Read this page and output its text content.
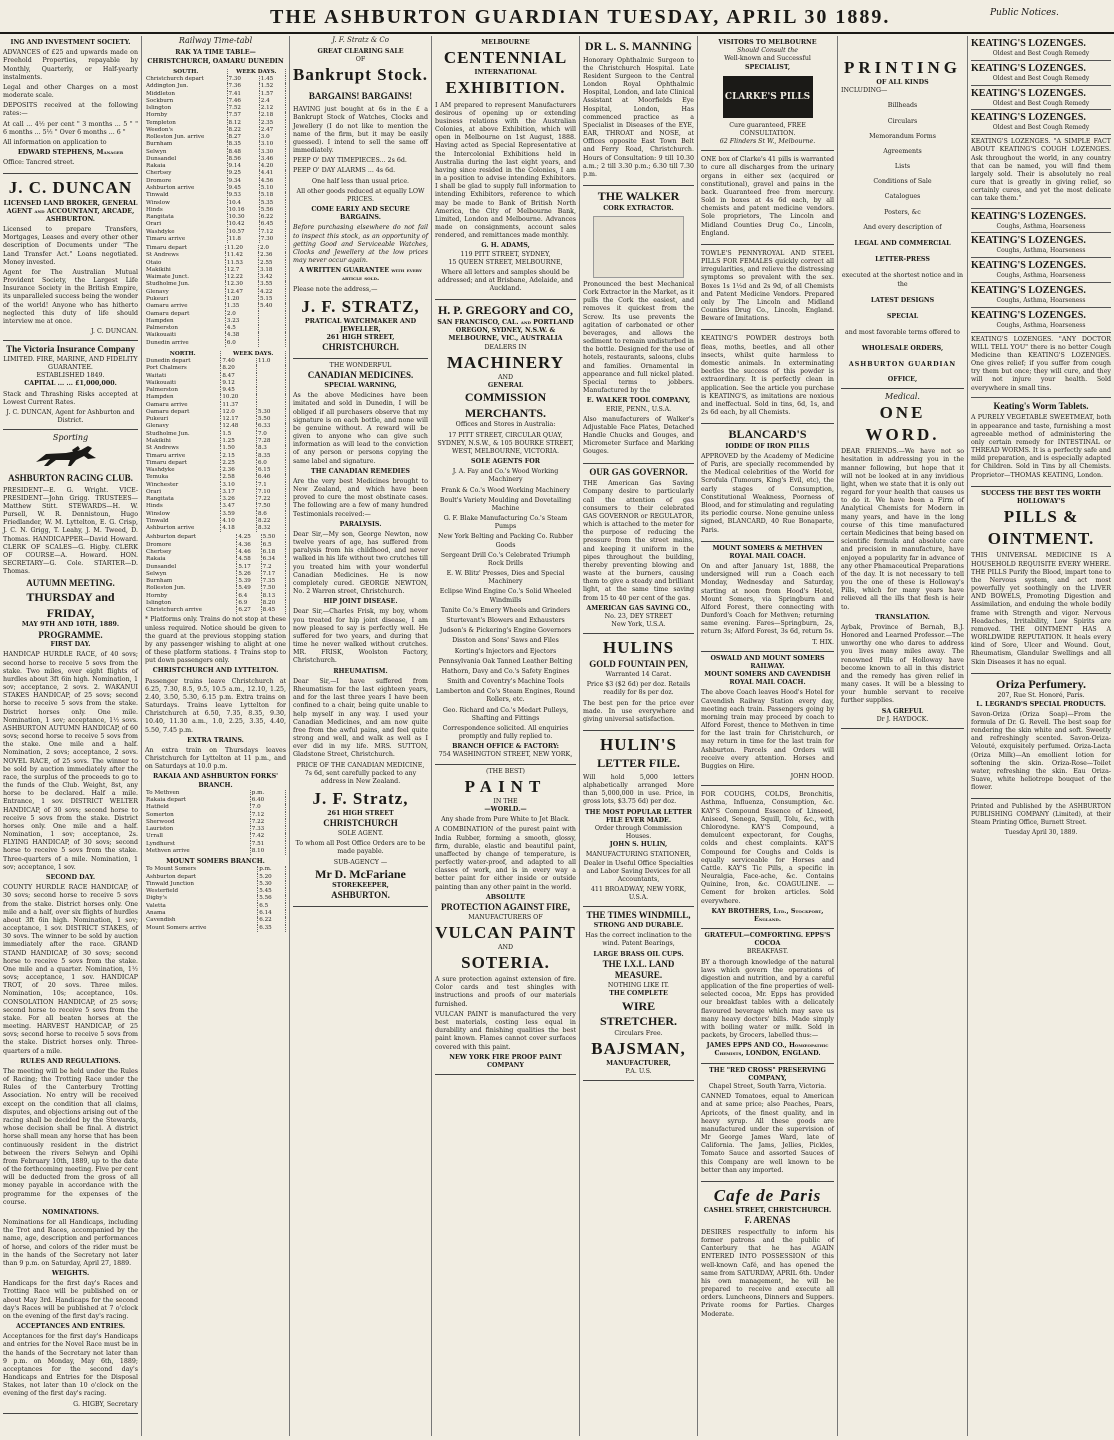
THE ASHBURTON GUARDIAN TUESDAY, APRIL 30 1889.	Public Notices.
ING AND INVESTMENT SOCIETY.

ADVANCES of £25 and upwards made on Freehold Properties, repayable by Monthly, Quarterly, or Half-yearly instalments.

Legal and other Charges on a most moderate scale.

DEPOSITS received at the following rates:—

At call ... 4½ per cent " 3 months ... 5 " " 6 months ... 5½ " Over 6 months ... 6 "

All information on application to

EDWARD STEPHENS, Manager

Office: Tancred street.

J. C. DUNCAN
LICENSED LAND BROKER, GENERAL AGENT and ACCOUNTANT, ARCADE, ASHBURTON.

Licensed to prepare Transfers, Mortgages, Leases and every other other description of Documents under "The Land Transfer Act." Loans negotiated. Money invested.

Agent for The Australian Mutual Provident Society, the Largest Life Insurance Society in the British Empire, its unparalleled success being the wonder of the world! Anyone who has hitherto neglected this duty of life should interview me at once.

J. C. DUNCAN.
The Victoria Insurance Company
LIMITED. FIRE, MARINE, AND FIDELITY GUARANTEE.
ESTABLISHED 1849.
CAPITAL ... ... £1,000,000.

Stack and Thrashing Risks accepted at Lowest Current Rates.

J. C. DUNCAN, Agent for Ashburton and District.
Sporting
ASHBURTON RACING CLUB.

PRESIDENT—E. G. Wright. VICE-PRESIDENT—John Grigg. TRUSTEES—Matthew Stitt. STEWARDS—H. W. Pursell, W. R. Dennistoun, Hugo Friedlander, W. M. Lyttelton, E. G. Crisp, J. C. N. Grigg, T. Leahy, J. M. Tweed, D. Thomas. HANDICAPPER—David Howard. CLERK OF SCALES—G. Higby. CLERK OF COURSE—A. Howard. HON. SECRETARY—G. Cole. STARTER—D. Thomas.

AUTUMN MEETING.
THURSDAY and FRIDAY,
MAY 9TH AND 10TH, 1889.
PROGRAMME.
FIRST DAY.

HANDICAP HURDLE RACE, of 40 sovs; second horse to receive 5 sovs from the stake. Two miles, over eight flights of hurdles about 3ft 6in high. Nomination, 1 sov; acceptance, 2 sovs. 2. WAKANUI STAKES HANDICAP, of 25 sovs; second horse to receive 5 sovs from the stake. District horses only. One mile. Nomination, 1 sov; acceptance, 1½ sovs. ASHBURTON AUTUMN HANDICAP, of 60 sovs; second horse to receive 5 sovs from the stake. One mile and a half. Nomination, 2 sovs; acceptance, 2 sovs. NOVEL RACE, of 25 sovs. The winner to be sold by auction immediately after the race, the surplus of the proceeds to go to the funds of the Club. Weight, 8st, any horse to be declared. Half a mile. Entrance, 1 sov. DISTRICT WELTER HANDICAP, of 30 sovs; second horse to receive 5 sovs from the stake. District horses only. One mile and a half. Nomination, 1 sov; acceptance, 2s. FLYING HANDICAP, of 30 sovs; second horse to receive 5 sovs from the stake. Three-quarters of a mile. Nomination, 1 sov; acceptance, 1 sov.

SECOND DAY.

COUNTY HURDLE RACE HANDICAP, of 30 sovs; second horse to receive 5 sovs from the stake. District horses only. One mile and a half, over six flights of hurdles about 3ft 6in high. Nomination, 1 sov; acceptance, 1 sov. DISTRICT STAKES, of 30 sovs. The winner to be sold by auction immediately after the race. GRAND STAND HANDICAP, of 30 sovs; second horse to receive 5 sovs from the stake. One mile and a quarter. Nomination, 1½ sovs; acceptance, 1 sov. HANDICAP TROT, of 20 sovs. Three miles. Nomination, 10s; acceptance, 10s. CONSOLATION HANDICAP, of 25 sovs; second horse to receive 5 sovs from the stake. For all beaten horses at the meeting. HARVEST HANDICAP, of 25 sovs; second horse to receive 5 sovs from the stake. District horses only. Three-quarters of a mile.

RULES AND REGULATIONS.

The meeting will be held under the Rules of Racing; the Trotting Race under the Rules of the Canterbury Trotting Association. No entry will be received except on the condition that all claims, disputes, and objections arising out of the racing shall be decided by the Stewards, whose decision shall be final. A district horse shall mean any horse that has been continuously resident in the district between the rivers Selwyn and Opihi from February 10th, 1889, up to the date of the forthcoming meeting. Five per cent will be deducted from the gross of all money payable in accordance with the programme for the expenses of the course.

NOMINATIONS.

Nominations for all Handicaps, including the Trot and Races, accompanied by the name, age, description and performances of horse, and colors of the rider must be in the hands of the Secretary not later than 9 p.m. on Saturday, April 27, 1889.

WEIGHTS.

Handicaps for the first day's Races and Trotting Race will be published on or about May 3rd. Handicaps for the second day's Races will be published at 7 o'clock on the evening of the first day's racing.

ACCEPTANCES AND ENTRIES.

Acceptances for the first day's Handicaps and entries for the Novel Race must be in the hands of the Secretary not later than 9 p.m. on Monday, May 6th, 1889; acceptances for the second day's Handicaps and Entries for the Disposal Stakes, not later than 10 o'clock on the evening of the first day's racing.

G. HIGBY, Secretary
Railway Time-tabl
RAK YA TIME TABLE—CHRISTCHURCH, OAMARU DUNEDIN
SOUTH.	WEEK DAYS.	
Christchurch depart	7.30	1.45
Addington Jun.	7.36	1.52
Middleton	7.41	1.57
Sockburn	7.46	2.4
Islington	7.52	2.12
Hornby	7.57	2.18
Templeton	8.12	2.35
Weedon's	8.22	2.47
Rolleston Jun. arrive	8.27	3.0
Burnham	8.35	3.10
Selwyn	8.48	3.30
Dunsandel	8.56	3.46
Rakaia	9.14	4.20
Chertsey	9.25	4.41
Dromore	9.34	4.56
Ashburton arrive	9.45	5.10
Tinwald	9.53	5.18
Winslow	10.4	5.35
Hinds	10.16	5.56
Rangitata	10.30	6.22
Orari	10.42	6.45
Washdyke	10.57	7.12
Timaru arrive	11.8	7.30
Timaru depart	11.20	2.0
St Andrews	11.42	2.36
Otaio	11.53	2.55
Makikihi	12.7	3.18
Waimate Junct.	12.22	3.42
Studholme Jun.	12.30	3.55
Glenavy	12.47	4.22
Pukeuri	1.20	5.15
Oamaru arrive	1.35	5.40
Oamaru depart	2.0	
Hampden	3.23	
Palmerston	4.5	
Waikouaiti	4.38	
Dunedin arrive	6.0	
NORTH.	WEEK DAYS.	
Dunedin depart	7.40	11.0
Port Chalmers	8.20	
Waitati	8.47	
Waikouaiti	9.12	
Palmerston	9.45	
Hampden	10.20	
Oamaru arrive	11.37	
Oamaru depart	12.0	5.30
Pukeuri	12.17	5.50
Glenavy	12.48	6.33
Studholme Jun.	1.5	7.0
Makikihi	1.25	7.28
St Andrews	1.50	8.3
Timaru arrive	2.15	8.35
Timaru depart	2.25	6.0
Washdyke	2.36	6.15
Temuka	2.58	6.46
Winchester	3.10	7.1
Orari	3.17	7.10
Rangitata	3.26	7.22
Hinds	3.47	7.50
Winslow	3.59	8.6
Tinwald	4.10	8.22
Ashburton arrive	4.18	8.32
Ashburton depart	4.25	5.50
Dromore	4.36	6.5
Chertsey	4.46	6.18
Rakaia	4.58	6.34
Dunsandel	5.17	7.2
Selwyn	5.26	7.17
Burnham	5.39	7.35
Rolleston Jun.	5.49	7.50
Hornby	6.4	8.13
Islington	6.9	8.20
Christchurch arrive	6.27	8.45

* Platforms only. Trains do not stop at these unless required. Notice should be given to the guard at the previous stopping station by any passenger wishing to alight at one of these platform stations. ‡ Trains stop to put down passengers only.

CHRISTCHURCH AND LYTTELTON.

Passenger trains leave Christchurch at 6.25, 7.30, 8.5, 9.5, 10.5 a.m., 12.10, 1.25, 2.40, 3.50, 5.30, 6.15 p.m. Extra trains on Saturdays. Trains leave Lyttelton for Christchurch at 6.50, 7.35, 8.35, 9.30, 10.40, 11.30 a.m., 1.0, 2.25, 3.35, 4.40, 5.50, 7.45 p.m.

EXTRA TRAINS.

An extra train on Thursdays leaves Christchurch for Lyttelton at 11 p.m., and on Saturdays at 10.0 p.m.

RAKAIA AND ASHBURTON FORKS' BRANCH.
To Methven	p.m.
Rakaia depart	6.40
Hatfield	7.0
Somerton	7.12
Sherwood	7.22
Lauriston	7.33
Urrall	7.42
Lyndhurst	7.51
Methven arrive	8.10
MOUNT SOMERS BRANCH.
To Mount Somers	p.m.
Ashburton depart	5.20
Tinwald Junction	5.30
Westerfield	5.45
Digby's	5.56
Valetta	6.5
Anama	6.14
Cavendish	6.22
Mount Somers arrive	6.35
J. F. Stratz & Co
GREAT CLEARING SALE
OF
Bankrupt Stock.
BARGAINS! BARGAINS!

HAVING just bought at 6s in the £ a Bankrupt Stock of Watches, Clocks and Jewellery (I do not like to mention the name of the firm, but it may be easily guessed). I intend to sell the same off immediately.

PEEP O' DAY TIMEPIECES... 2s 6d.

PEEP O' DAY ALARMS ... 4s 6d.

One half less than usual price.

All other goods reduced at equally LOW PRICES.

COME EARLY AND SECURE BARGAINS.

Before purchasing elsewhere do not fail to inspect this stock, as an opportunity of getting Good and Serviceable Watches, Clocks and Jewellery at the low prices may never occur again.

A WRITTEN GUARANTEE with every article sold.

Please note the address,—

J. F. STRATZ,
PRATICAL WATCHMAKER AND JEWELLER,
261 HIGH STREET,
CHRISTCHURCH.
THE WONDERFUL
CANADIAN MEDICINES.
SPECIAL WARNING,

As the above Medicines have been imitated and sold in Dunedin, I will be obliged if all purchasers observe that my signature is on each bottle, and none will be genuine without. A reward will be given to anyone who can give such information as will lead to the conviction of any person or persons copying the same label and signature.

THE CANADIAN REMEDIES

Are the very best Medicines brought to New Zealand, and which have been proved to cure the most obstinate cases. The following are a few of many hundred Testimonials received:—

PARALYSIS.

Dear Sir,—My son, George Newton, now twelve years of age, has suffered from paralysis from his childhood, and never walked in his life without two crutches till you treated him with your wonderful Canadian Medicines. He is now completely cured. GEORGE NEWTON, No. 2 Warren street, Christchurch.

HIP JOINT DISEASE.

Dear Sir,—Charles Frisk, my boy, whom you treated for hip joint disease, I am now pleased to say is perfectly well. He suffered for two years, and during that time he never walked without crutches. MR. FRISK, Woolston Factory, Christchurch.

RHEUMATISM.

Dear Sir,—I have suffered from Rheumatism for the last eighteen years, and for the last three years I have been confined to a chair, being quite unable to help myself in any way. I used your Canadian Medicines, and am now quite free from the awful pains, and feel quite strong and well, and walk as well as I ever did in my life. MRS. SUTTON, Gladstone Street, Christchurch.

PRICE OF THE CANADIAN MEDICINE, 7s 6d, sent carefully packed to any address in New Zealand.

J. F. Stratz,
261 HIGH STREET
CHRISTCHURCH
SOLE AGENT.

To whom all Post Office Orders are to be made payable.

SUB-AGENCY —
Mr D. McFariane
STOREKEEPER,
ASHBURTON.
MELBOURNE
CENTENNIAL
INTERNATIONAL
EXHIBITION.

I AM prepared to represent Manufacturers desirous of opening up or extending business relations with the Australian Colonies, at above Exhibition, which will open in Melbourne on 1st August, 1888. Having acted as Special Representative at the Intercolonial Exhibitions held in Australia during the last eight years, and having since resided in the Colonies, I am in a position to advise intending Exhibitors. I shall be glad to supply full information to intending Exhibitors, reference to which may be made to Bank of British North America, the City of Melbourne Bank, Limited, London and Melbourne. Advances made on consignments, account sales rendered, and remittances made monthly.

G. H. ADAMS,
119 PITT STREET, SYDNEY,
15 QUEEN STREET, MELBOURNE,

Where all letters and samples should be addressed; and at Brisbane, Adelaide, and Auckland.

H. P. GREGORY and CO,
SAN FRANCISCO, CAL. and PORTLAND OREGON, SYDNEY, N.S.W. & MELBOURNE, VIC., AUSTRALIA
DEALERS IN
MACHINERY
AND
GENERAL
COMMISSION MERCHANTS.
Offices and Stores in Australia:

17 PITT STREET, CIRCULAR QUAY, SYDNEY, N.S.W., & 105 BOURKE STREET, WEST, MELBOURNE, VICTORIA.

SOLE AGENTS FOR

J. A. Fay and Co.'s Wood Working Machinery

Frank & Co.'s Wood Working Machinery

Boult's Variety Moulding and Dovetailing Machine

G. F. Blake Manufacturing Co.'s Steam Pumps

New York Belting and Packing Co. Rubber Goods

Sergeant Drill Co.'s Celebrated Triumph Rock Drills

E. W. Blitz' Presses, Dies and Special Machinery

Eclipse Wind Engine Co.'s Solid Wheeled Windmills

Tanite Co.'s Emery Wheels and Grinders

Sturtevant's Blowers and Exhausters

Judson's & Pickering's Engine Governors

Disston and Sons' Saws and Files

Korting's Injectors and Ejectors

Pennsylvania Oak Tanned Leather Belting

Hathorn, Davy and Co.'s Safety Engines

Smith and Coventry's Machine Tools

Lamberton and Co's Steam Engines, Round Rollers, etc.

Geo. Richard and Co.'s Medart Pulleys, Shafting and Fittings

Correspondence solicited. All enquiries promptly and fully replied to.

BRANCH OFFICE & FACTORY:
754 WASHINGTON STREET, NEW YORK,
(THE BEST)
PAINT
IN THE
—WORLD.—

Any shade from Pure White to Jet Black.

A COMBINATION of the purest paint with India Rubber, forming a smooth, glossy, firm, durable, elastic and beautiful paint, unaffected by change of temperature, is perfectly water-proof, and adapted to all classes of work, and is in every way a better paint for either inside or outside painting than any other paint in the world.

ABSOLUTE
PROTECTION AGAINST FIRE,
MANUFACTURERS OF
VULCAN PAINT
AND
SOTERIA.

A sure protection against extension of fire. Color cards and test shingles with instructions and proofs of our materials furnished.

VULCAN PAINT is manufactured the very best materials, costing less equal in durability and finishing qualities the best paint known. Flames cannot cover surfaces covered with this paint.

NEW YORK FIRE PROOF PAINT COMPANY
DR L. S. MANNING

Honorary Ophthalmic Surgeon to the Christchurch Hospital. Late Resident Surgeon to the Central London Royal Ophthalmic Hospital, London, and late Clinical Assistant at Moorfields Eye Hospital, London, Has commenced practice as a Specialist in Diseases of the EYE, EAR, THROAT and NOSE, at Offices opposite East Town Belt and Ferry Road, Christchurch. Hours of Consultation: 9 till 10.30 a.m.; 2 till 3.30 p.m.; 6.30 till 7.30 p.m.

THE WALKER
CORK EXTRACTOR.

Pronounced the best Mechanical Cork Extractor in the Market, as it pulls the Cork the easiest, and removes it quickest from the Screw. Its use prevents the agitation of carbonated or other beverages, and allows the sediment to remain undisturbed in the bottle. Designed for the use of hotels, restaurants, saloons, clubs and families. Ornamental in appearance and full nickel plated. Special terms to jobbers. Manufactured by the

E. WALKER TOOL COMPANY,
ERIE, PENN., U.S.A.

Also manufacturers of Walker's Adjustable Face Plates, Detached Handle Chucks and Gouges, and Micrometer Surface and Marking Gouges.

OUR GAS GOVERNOR.

THE American Gas Saving Company desire to particularly call the attention of gas consumers to their celebrated GAS GOVERNOR or REGULATOR, which is attached to the meter for the purpose of reducing the pressure from the street mains, and keeping it uniform in the pipes throughout the building, thereby preventing blowing and waste at the burners, causing them to give a steady and brilliant light, at the same time saving from 15 to 40 per cent of the gas.

AMERICAN GAS SAVING CO.,
No. 23, DEY STREET
New York, U.S.A.
HULINS
GOLD FOUNTAIN PEN,
Warranted 14 Carat.

Price $3 ($2 6d) per doz. Retails readily for 8s per doz.

The best pen for the price ever made. In use everywhere and giving universal satisfaction.

HULIN'S
LETTER FILE.

Will hold 5,000 letters alphabetically arranged More than 5,000,000 in use. Price, in gross lots, $3.75 6d) per doz.

THE MOST POPULAR LETTER FILE EVER MADE.
Order through Commission Houses.
JOHN S. HULIN,

MANUFACTURING STATIONER, Dealer in Useful Office Specialties and Labor Saving Devices for all Accountants,

411 BROADWAY, NEW YORK, U.S.A.
THE TIMES WINDMILL,
STRONG AND DURABLE.

Has the correct inclination to the wind. Patent Bearings,

LARGE BRASS OIL CUPS.
THE I.X.L. LAND MEASURE.
NOTHING LIKE IT.
THE COMPLETE
WIRE STRETCHER.
Circulars Free.
BAJSMAN,
MANUFACTURER,
P.A. U.S.
VISITORS TO MELBOURNE
Should Consult the
Well-known and Successful
SPECIALIST,
CLARKE'S PILLS
Cure guaranteed, FREE CONSULTATION.
62 Flinders St W., Melbourne.

ONE box of Clarke's 41 pills is warranted to cure all discharges from the urinary organs in either sex (acquired or constitutional), gravel and pains in the back. Guaranteed free from mercury. Sold in boxes at 4s 6d each, by all chemists and patent medicine vendors. Sole proprietors, The Lincoln and Midland Counties Drug Co., Lincoln, England.

TOWLE'S PENNYROYAL AND STEEL PILLS FOR FEMALES quickly correct all irregularities, and relieve the distressing symptoms so prevalent with the sex. Boxes 1s 1½d and 2s 9d, of all Chemists and Patent Medicine Vendors. Prepared only by The Lincoln and Midland Counties Drug Co., Lincoln, England. Beware of Imitations.

KEATING'S POWDER destroys both fleas, moths, beetles, and all other insects, whilst quite harmless to domestic animals. In exterminating beetles the success of this powder is extraordinary. It is perfectly clean in application. See the article you purchase is KEATING'S, as imitations are noxious and ineffectual. Sold in tins, 6d, 1s, and 2s 6d each, by all Chemists.

BLANCARD'S
IODIDE OF IRON PILLS

APPROVED by the Academy of Medicine of Paris, are specially recommended by the Medical celebrities of the World for Scrofula (Tumours, King's Evil, etc), the early stages of Consumption, Constitutional Weakness, Poorness of Blood, and for stimulating and regulating its periodic course. None genuine unless signed, BLANCARD, 40 Rue Bonaparte, Paris.

MOUNT SOMERS & METHVEN ROYAL MAIL COACH.

On and after January 1st, 1888, the undersigned will run a Coach each Monday, Wednesday and Saturday, starting at noon from Hood's Hotel, Mount Somers, via Springburn and Alford Forest, there connecting with Dunford's Coach for Methven; returning same evening. Fares—Springburn, 2s, return 3s; Alford Forest, 3s 6d, return 5s.

T. HIX.
OSWALD AND MOUNT SOMERS RAILWAY.
MOUNT SOMERS AND CAVENDISH ROYAL MAIL COACH.

The above Coach leaves Hood's Hotel for Cavendish Railway Station every day, meeting each train. Passengers going by morning train may proceed by coach to Alford Forest, thence to Methven in time for the last train for Christchurch, or may return in time for the last train for Ashburton. Parcels and Orders will receive every attention. Horses and Buggies on Hire.

JOHN HOOD.

FOR COUGHS, COLDS, Bronchitis, Asthma, Influenza, Consumption, &c. KAY'S Compound Essence of Linseed, Aniseed, Senega, Squill, Tolu, &c., with Chlorodyne. KAY'S Compound, a demulcent expectorant, for Coughs, colds and chest complaints. KAY'S Compound for Coughs and Colds is equally serviceable for Horses and Cattle. KAY'S Tic Pills, a specific in Neuralgia, Face-ache, &c. Contains Quinine, Iron, &c. COAGULINE. — Cement for broken articles. Sold everywhere.

KAY BROTHERS, Ltd., Stockport, England.
GRATEFUL—COMFORTING. EPPS'S COCOA
BREAKFAST.

BY a thorough knowledge of the natural laws which govern the operations of digestion and nutrition, and by a careful application of the fine properties of well-selected cocoa, Mr. Epps has provided our breakfast tables with a delicately flavoured beverage which may save us many heavy doctors' bills. Made simply with boiling water or milk. Sold in packets, by Grocers, labelled thus:—

JAMES EPPS AND CO., Homœopathic Chemists, LONDON, ENGLAND.
THE "RED CROSS" PRESERVING COMPANY,
Chapel Street, South Yarra, Victoria.

CANNED Tomatoes, equal to American and at same price; also Peaches, Pears, Apricots, of the finest quality, and in heavy syrup. All these goods are manufactured under the supervision of Mr George James Ward, late of California. The Jams, Jellies, Pickles, Tomato Sauce and assorted Sauces of this Company are well known to be better than any imported.

Cafe de Paris
CASHEL STREET, CHRISTCHURCH.
F. ARENAS

DESIRES respectfully to inform his former patrons and the public of Canterbury that he has AGAIN ENTERED INTO POSSESSION of this well-known Café, and has opened the same from SATURDAY, APRIL 6th. Under his own management, he will be prepared to receive and execute all orders. Luncheons, Dinners and Suppers. Private rooms for Parties. Charges Moderate.

PRINTING
OF ALL KINDS
INCLUDING—
Billheads
Circulars
Memorandum Forms
Agreements
Lists
Conditions of Sale
Catalogues
Posters, &c
And every description of
LEGAL AND COMMERCIAL
LETTER-PRESS
executed at the shortest notice and in the
LATEST DESIGNS
SPECIAL
and most favorable terms offered to
WHOLESALE ORDERS,
ASHBURTON GUARDIAN
OFFICE,
Medical.
ONE WORD.

DEAR FRIENDS.—We have not so hesitation in addressing you in the manner following, but hope that it will not be looked at in any invidious light, when we state that it is only out regard for your health that causes us to do it. We have been a Firm of Analytical Chemists for Modern in many years, and have in the long course of this time manufactured certain Medicines that being based on scientific formula and absolute care and precision in manufacture, have enjoyed a popularity far in advance of any other Phamaceutical Preparations of the day. It is not necessary to tell you the one of these is Holloway's Pills, which for many years have relieved all the ills that flesh is heir to.

TRANSLATION.

Aybak, Province of Bernah, B.J. Honored and Learned Professor.—The unworthy one who dares to address you lives many miles away. The renowned Pills of Holloway have become known to all in this district and the remedy has given relief in many cases. It will be a blessing to your humble servant to receive further supplies.

SA GREFUL
Dr J. HAYDOCK.
KEATING'S LOZENGES.
Oldest and Best Cough Remedy
KEATING'S LOZENGES.
Oldest and Best Cough Remedy
KEATING'S LOZENGES.
Oldest and Best Cough Remedy
KEATING'S LOZENGES.
Oldest and Best Cough Remedy

KEATING'S LOZENGES. "A SIMPLE FACT ABOUT KEATING'S COUGH LOZENGES. Ask throughout the world, in any country that can be named, you will find them largely sold. Their is absolutely no real cure that is greatly in giving relief, so certainly cures, and yet the most delicate can take them."

KEATING'S LOZENGES.
Coughs, Asthma, Hoarseness
KEATING'S LOZENGES.
Coughs, Asthma, Hoarseness
KEATING'S LOZENGES.
Coughs, Asthma, Hoarseness
KEATING'S LOZENGES.
Coughs, Asthma, Hoarseness
KEATING'S LOZENGES.
Coughs, Asthma, Hoarseness

KEATING'S LOZENGES. "ANY DOCTOR WILL TELL YOU" there is no better Cough Medicine than KEATING'S LOZENGES. One gives relief; if you suffer from cough try them but once; they will cure, and they will not injure your health. Sold everywhere in small tins.

Keating's Worm Tablets.

A PURELY VEGETABLE SWEETMEAT, both in appearance and taste, furnishing a most agreeable method of administering the only certain remedy for INTESTINAL or THREAD WORMS. It is a perfectly safe and mild preparation, and is especially adapted for Children. Sold in Tins by all Chemists. Proprietor—THOMAS KEATING, London.

SUCCESS THE BEST TES WORTH
HOLLOWAY'S
PILLS & OINTMENT.

THIS UNIVERSAL MEDICINE IS A HOUSEHOLD REQUISITE EVERY WHERE. THE PILLS Purify the Blood, impart tone to the Nervous system, and act most powerfully yet soothingly on the LIVER AND BOWELS, Promoting Digestion and Assimilation, and enduing the whole bodily frame with Strength and vigor. Nervous Headaches, Irritability, Low Spirits are removed. THE OINTMENT HAS A WORLDWIDE REPUTATION. It heals every kind of Sore, Ulcer and Wound. Gout, Rheumatism, Glandular Swellings and all Skin Diseases it has no equal.

Oriza Perfumery.
207, Rue St. Honoré, Paris.
L. LEGRAND'S SPECIAL PRODUCTS.

Savon-Oriza (Oriza Soap)—From the formula of Dr. G. Revell. The best soap for rendering the skin white and soft. Sweetly and refreshingly scented. Savon-Oriza-Velouté, exquisitely perfumed. Oriza-Lacta (Oriza Milk)—An emollient lotion for softening the skin. Oriza-Rose—Toilet water, refreshing the skin. Eau Oriza-Suave, white heliotrope bouquet of the flower.

Printed and Published by the ASHBURTON PUBLISHING COMPANY (Limited), at their Steam Printing Office, Burnett Street.

Tuesday April 30, 1889.
